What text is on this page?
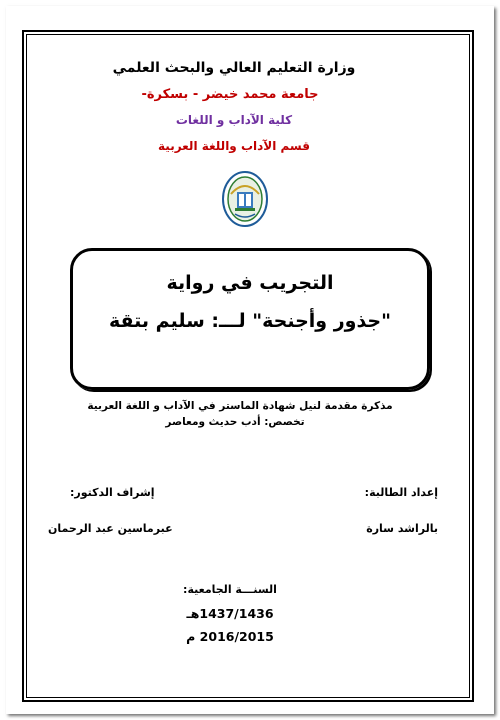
وزارة التعليم العالي والبحث العلمي
جامعة محمد خيضر - بسكرة-
كلية الآداب و اللغات
قسم الآداب واللغة العربية
التجريب في رواية
"جذور وأجنحة" لـــ: سليم بتقة
مذكرة مقدمة لنيل شهادة الماستر في الآداب و اللغة العربية
تخصص: أدب حديث ومعاصر
إعداد الطالبة:
إشراف الدكتور:
بالراشد سارة
عبرماسين عبد الرحمان
السنـــة الجامعية:
1437/1436هـ
2016/2015 م
